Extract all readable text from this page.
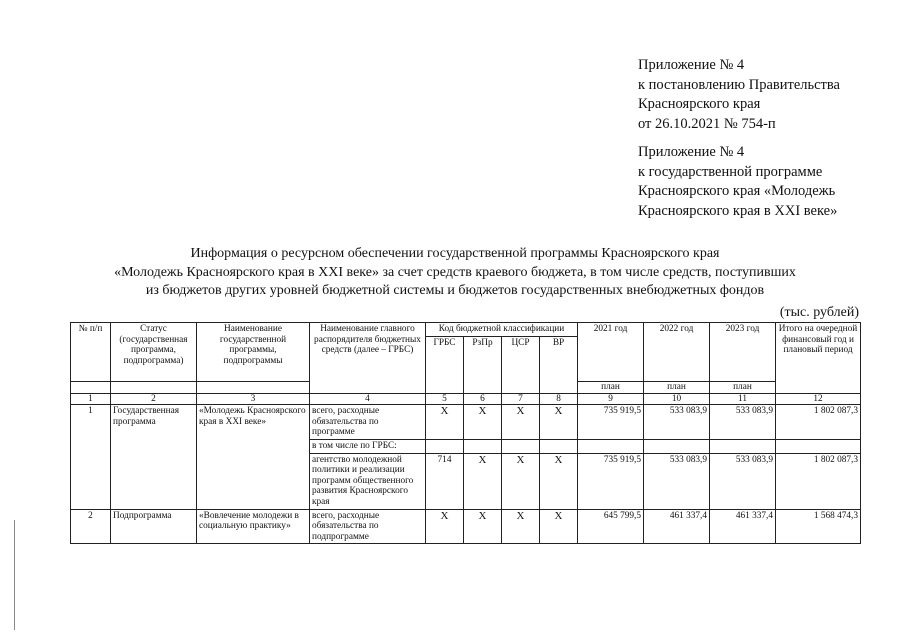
Приложение № 4
к постановлению Правительства
Красноярского края
от 26.10.2021 № 754-п
Приложение № 4
к государственной программе
Красноярского края «Молодежь
Красноярского края в XXI веке»
Информация о ресурсном обеспечении государственной программы Красноярского края
«Молодежь Красноярского края в XXI веке» за счет средств краевого бюджета, в том числе средств, поступивших
из бюджетов других уровней бюджетной системы и бюджетов государственных внебюджетных фондов
(тыс. рублей)
№ п/п	Статус (государственная программа, подпрограмма)	Наименование государственной программы, подпрограммы	Наименование главного распорядителя бюджетных средств (далее – ГРБС)	Код бюджетной классификации				2021 год	2022 год	2023 год	Итого на очередной финансовый год и плановый период
				ГРБС	РзПр	ЦСР	ВР				
								план	план	план	
1	2	3	4	5	6	7	8	9	10	11	12
1	Государственная программа	«Молодежь Красноярского края в XXI веке»	всего, расходные обязательства по программе	X	X	X	X	735 919,5	533 083,9	533 083,9	1 802 087,3
			в том числе по ГРБС:								
			агентство молодежной политики и реализации программ общественного развития Красноярского края	714	X	X	X	735 919,5	533 083,9	533 083,9	1 802 087,3
2	Подпрограмма	«Вовлечение молодежи в социальную практику»	всего, расходные обязательства по подпрограмме	X	X	X	X	645 799,5	461 337,4	461 337,4	1 568 474,3
